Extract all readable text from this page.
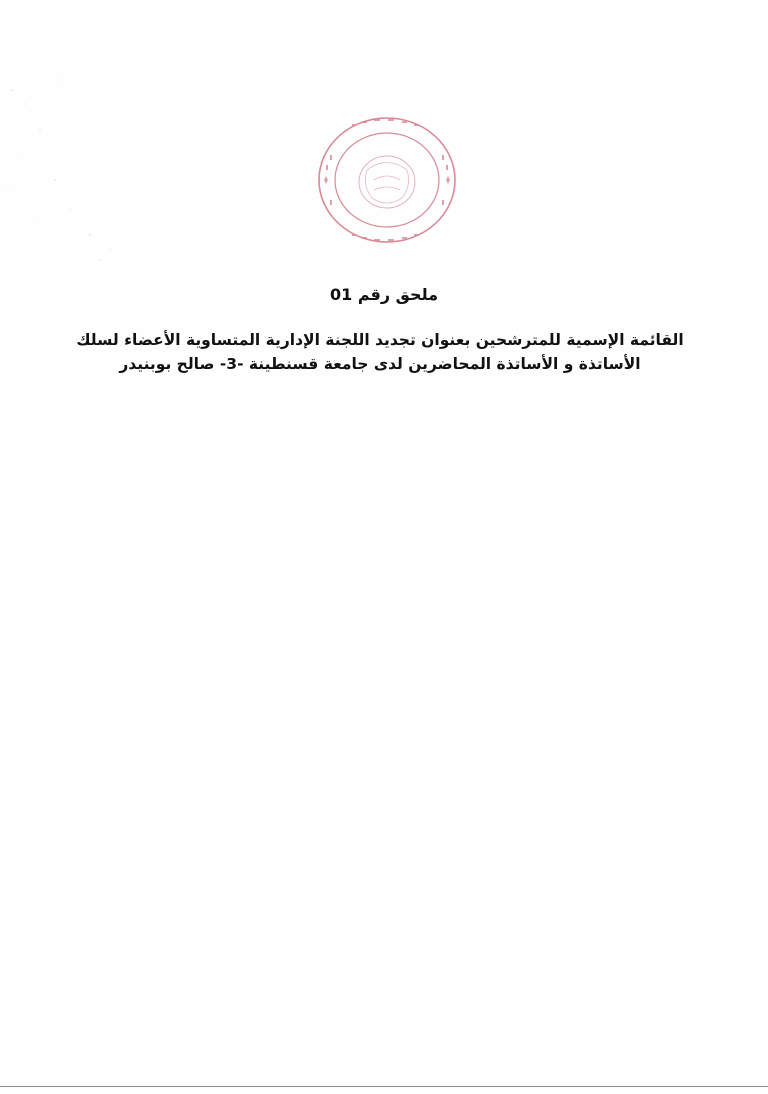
ملحق رقم 01
القائمة الإسمية للمترشحين بعنوان تجديد اللجنة الإدارية المتساوية الأعضاء لسلك
الأساتذة و الأساتذة المحاضرين لدى جامعة قسنطينة -3- صالح بوبنيدر
